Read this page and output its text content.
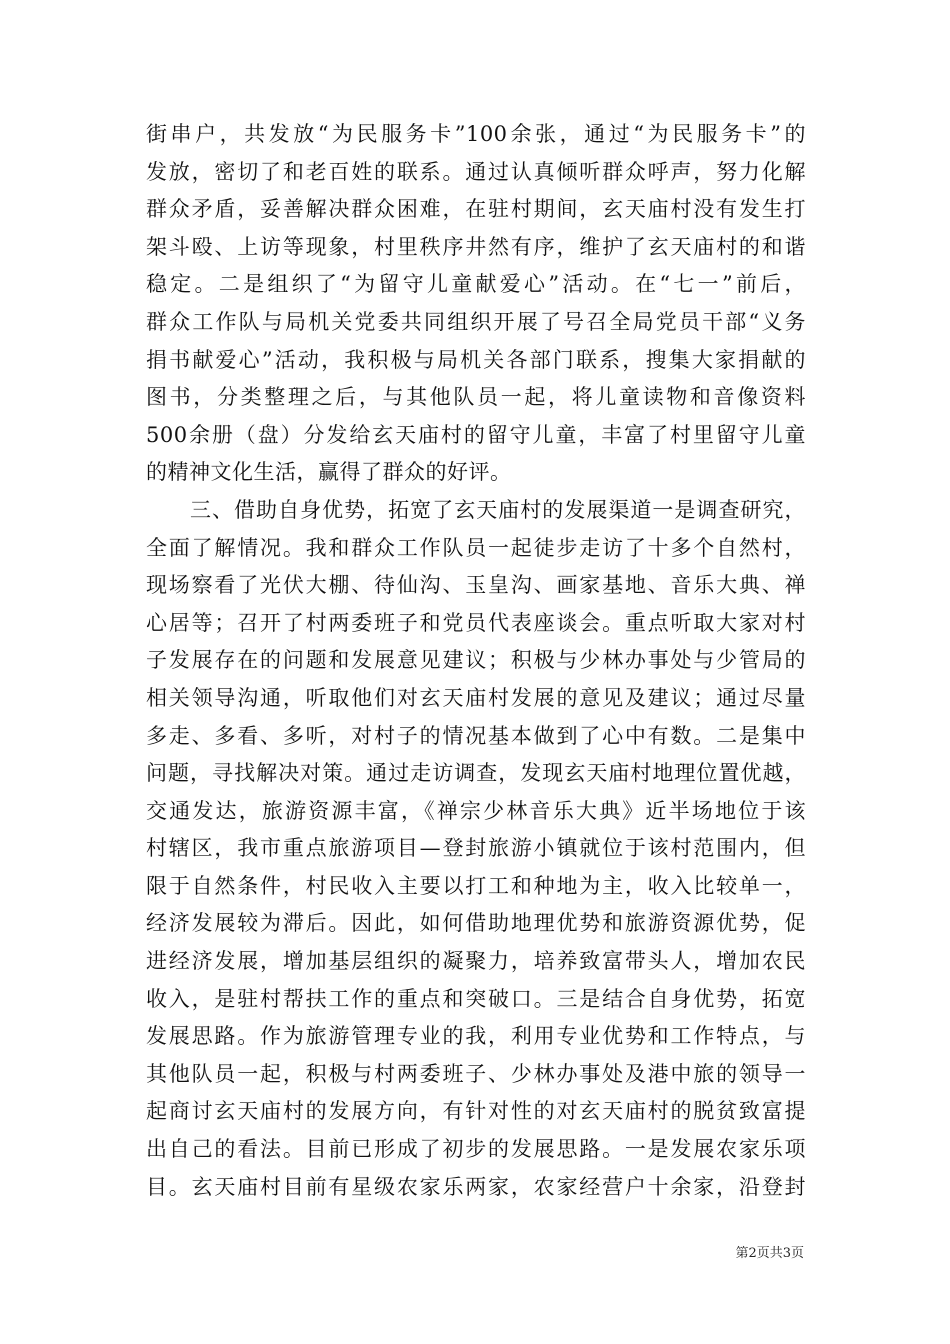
街串户，共发放“为民服务卡”100余张，通过“为民服务卡”的
发放，密切了和老百姓的联系。通过认真倾听群众呼声，努力化解
群众矛盾，妥善解决群众困难，在驻村期间，玄天庙村没有发生打
架斗殴、上访等现象，村里秩序井然有序，维护了玄天庙村的和谐
稳定。二是组织了“为留守儿童献爱心”活动。在“七一”前后，
群众工作队与局机关党委共同组织开展了号召全局党员干部“义务
捐书献爱心”活动，我积极与局机关各部门联系，搜集大家捐献的
图书，分类整理之后，与其他队员一起，将儿童读物和音像资料
500余册（盘）分发给玄天庙村的留守儿童，丰富了村里留守儿童
的精神文化生活，赢得了群众的好评。
三、借助自身优势，拓宽了玄天庙村的发展渠道一是调查研究，
全面了解情况。我和群众工作队员一起徒步走访了十多个自然村，
现场察看了光伏大棚、待仙沟、玉皇沟、画家基地、音乐大典、禅
心居等；召开了村两委班子和党员代表座谈会。重点听取大家对村
子发展存在的问题和发展意见建议；积极与少林办事处与少管局的
相关领导沟通，听取他们对玄天庙村发展的意见及建议；通过尽量
多走、多看、多听，对村子的情况基本做到了心中有数。二是集中
问题，寻找解决对策。通过走访调查，发现玄天庙村地理位置优越，
交通发达，旅游资源丰富，《禅宗少林音乐大典》近半场地位于该
村辖区，我市重点旅游项目—登封旅游小镇就位于该村范围内，但
限于自然条件，村民收入主要以打工和种地为主，收入比较单一，
经济发展较为滞后。因此，如何借助地理优势和旅游资源优势，促
进经济发展，增加基层组织的凝聚力，培养致富带头人，增加农民
收入，是驻村帮扶工作的重点和突破口。三是结合自身优势，拓宽
发展思路。作为旅游管理专业的我，利用专业优势和工作特点，与
其他队员一起，积极与村两委班子、少林办事处及港中旅的领导一
起商讨玄天庙村的发展方向，有针对性的对玄天庙村的脱贫致富提
出自己的看法。目前已形成了初步的发展思路。一是发展农家乐项
目。玄天庙村目前有星级农家乐两家，农家经营户十余家，沿登封
第2页共3页
